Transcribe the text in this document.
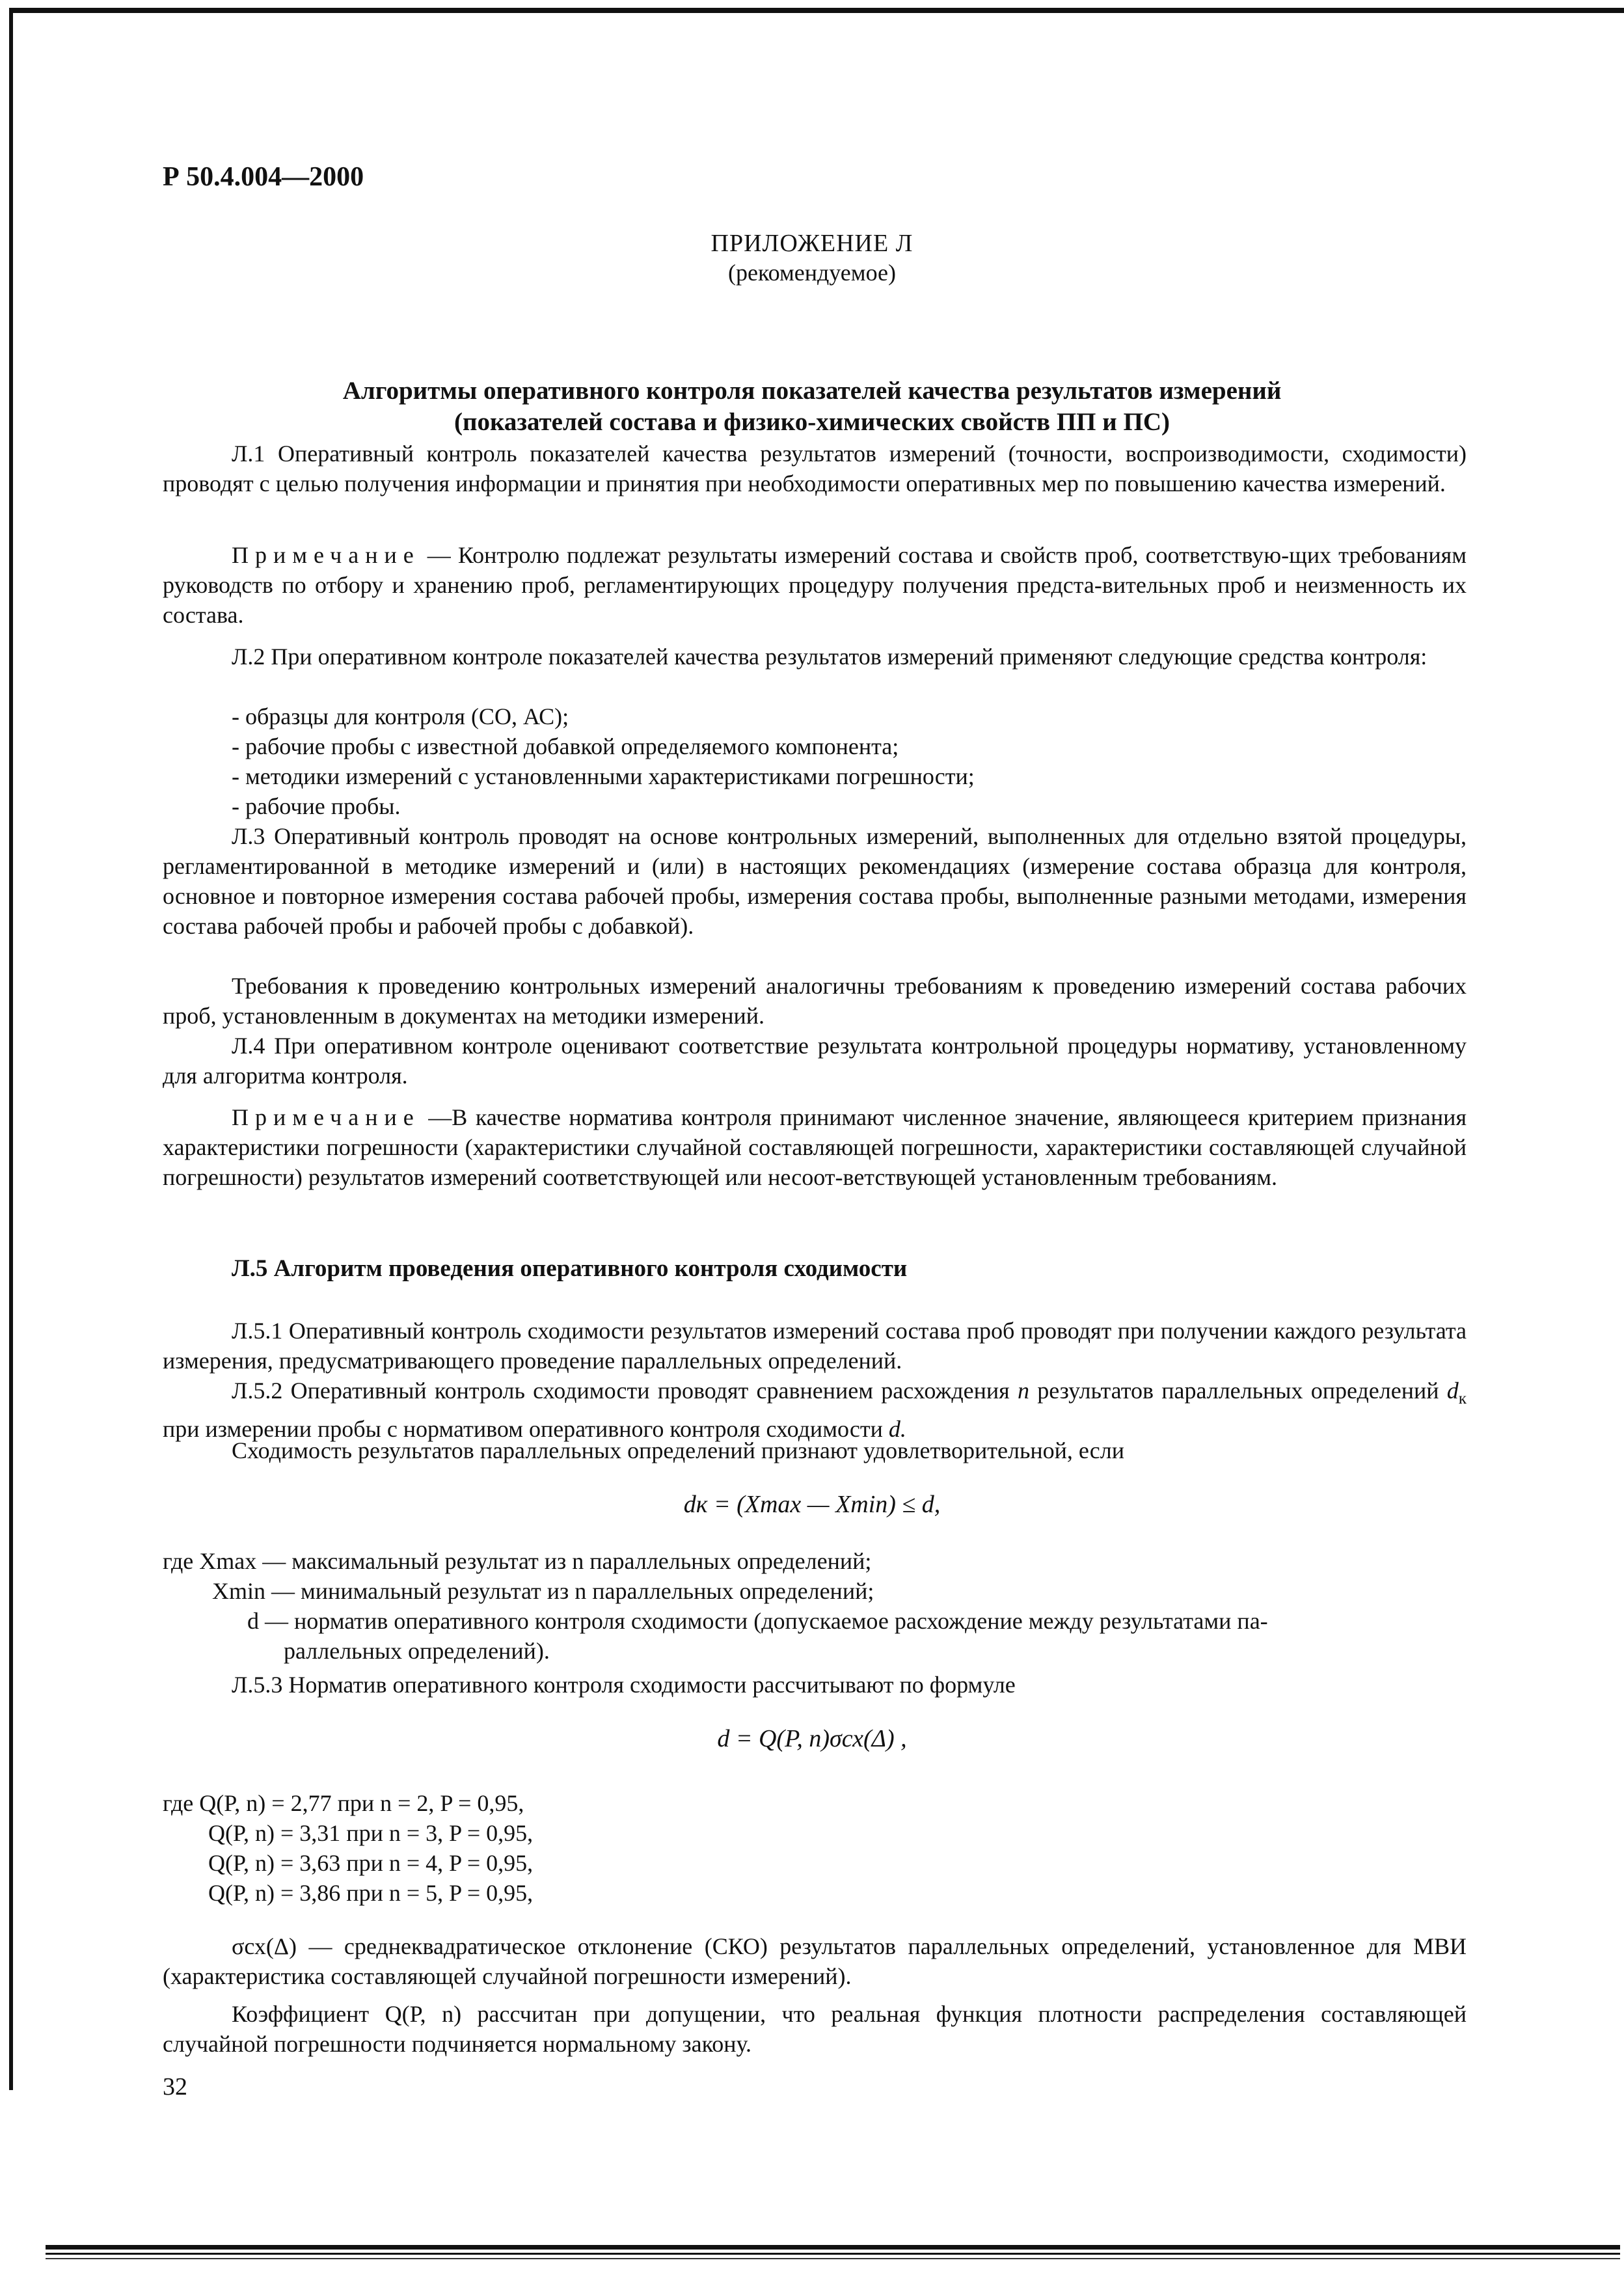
Р 50.4.004—2000
ПРИЛОЖЕНИЕ Л
(рекомендуемое)
Алгоритмы оперативного контроля показателей качества результатов измерений
(показателей состава и физико-химических свойств ПП и ПС)
Л.1 Оперативный контроль показателей качества результатов измерений (точности, воспроизводимости, сходимости) проводят с целью получения информации и принятия при необходимости оперативных мер по повышению качества измерений.
Примечание — Контролю подлежат результаты измерений состава и свойств проб, соответствую-щих требованиям руководств по отбору и хранению проб, регламентирующих процедуру получения предста-вительных проб и неизменность их состава.
Л.2 При оперативном контроле показателей качества результатов измерений применяют следующие средства контроля:
- образцы для контроля (СО, АС);
- рабочие пробы с известной добавкой определяемого компонента;
- методики измерений с установленными характеристиками погрешности;
- рабочие пробы.
Л.3 Оперативный контроль проводят на основе контрольных измерений, выполненных для отдельно взятой процедуры, регламентированной в методике измерений и (или) в настоящих рекомендациях (измерение состава образца для контроля, основное и повторное измерения состава рабочей пробы, измерения состава пробы, выполненные разными методами, измерения состава рабочей пробы и рабочей пробы с добавкой).
Требования к проведению контрольных измерений аналогичны требованиям к проведению измерений состава рабочих проб, установленным в документах на методики измерений.
Л.4 При оперативном контроле оценивают соответствие результата контрольной процедуры нормативу, установленному для алгоритма контроля.
Примечание —В качестве норматива контроля принимают численное значение, являющееся критерием признания характеристики погрешности (характеристики случайной составляющей погрешности, характеристики составляющей случайной погрешности) результатов измерений соответствующей или несоот-ветствующей установленным требованиям.
Л.5 Алгоритм проведения оперативного контроля сходимости
Л.5.1 Оперативный контроль сходимости результатов измерений состава проб проводят при получении каждого результата измерения, предусматривающего проведение параллельных определений.
Л.5.2 Оперативный контроль сходимости проводят сравнением расхождения n результатов параллельных определений $d_к$ при измерении пробы с нормативом оперативного контроля сходимости d.
Сходимость результатов параллельных определений признают удовлетворительной, если
dк = (Xmax — Xmin) ≤ d,
где Xmax — максимальный результат из n параллельных определений;
Xmin — минимальный результат из n параллельных определений;
d — норматив оперативного контроля сходимости (допускаемое расхождение между результатами па-
раллельных определений).
Л.5.3 Норматив оперативного контроля сходимости рассчитывают по формуле
d = Q(P, n)σсх(Δ) ,
где Q(P, n) = 2,77 при n = 2, P = 0,95,
Q(P, n) = 3,31 при n = 3, P = 0,95,
Q(P, n) = 3,63 при n = 4, P = 0,95,
Q(P, n) = 3,86 при n = 5, P = 0,95,
σсх(Δ) — среднеквадратическое отклонение (СКО) результатов параллельных определений, установленное для МВИ (характеристика составляющей случайной погрешности измерений).
Коэффициент Q(P, n) рассчитан при допущении, что реальная функция плотности распределения составляющей случайной погрешности подчиняется нормальному закону.
32
